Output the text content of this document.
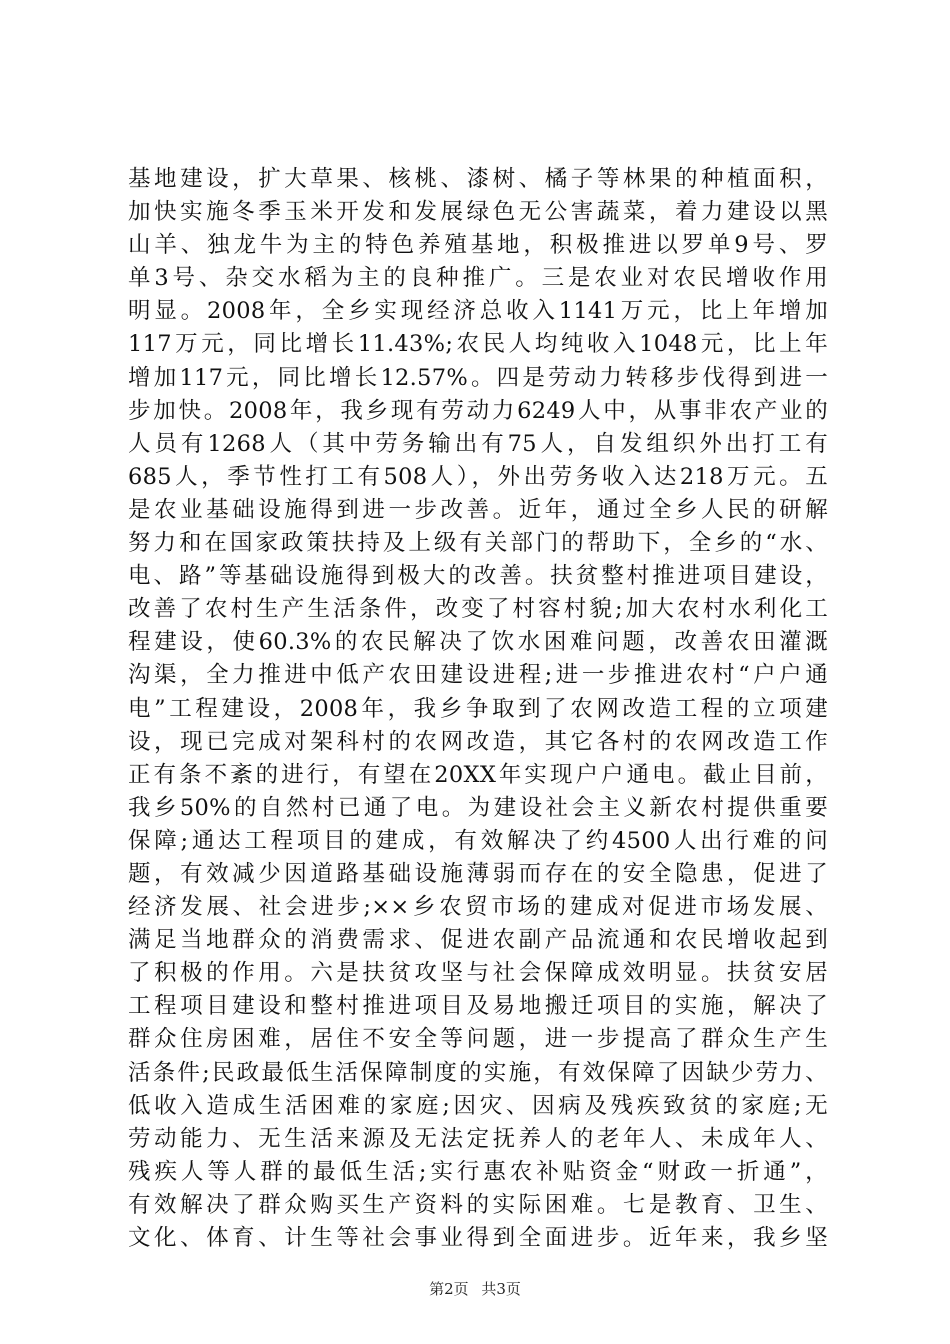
基地建设，扩大草果、核桃、漆树、橘子等林果的种植面积，
加快实施冬季玉米开发和发展绿色无公害蔬菜，着力建设以黑
山羊、独龙牛为主的特色养殖基地，积极推进以罗单9号、罗
单3号、杂交水稻为主的良种推广。三是农业对农民增收作用
明显。2008年，全乡实现经济总收入1141万元，比上年增加
117万元，同比增长11.43%;农民人均纯收入1048元，比上年
增加117元，同比增长12.57%。四是劳动力转移步伐得到进一
步加快。2008年，我乡现有劳动力6249人中，从事非农产业的
人员有1268人（其中劳务输出有75人，自发组织外出打工有
685人，季节性打工有508人），外出劳务收入达218万元。五
是农业基础设施得到进一步改善。近年，通过全乡人民的研解
努力和在国家政策扶持及上级有关部门的帮助下，全乡的“水、
电、路”等基础设施得到极大的改善。扶贫整村推进项目建设，
改善了农村生产生活条件，改变了村容村貌;加大农村水利化工
程建设，使60.3%的农民解决了饮水困难问题，改善农田灌溉
沟渠，全力推进中低产农田建设进程;进一步推进农村“户户通
电”工程建设，2008年，我乡争取到了农网改造工程的立项建
设，现已完成对架科村的农网改造，其它各村的农网改造工作
正有条不紊的进行，有望在20XX年实现户户通电。截止目前，
我乡50%的自然村已通了电。为建设社会主义新农村提供重要
保障;通达工程项目的建成，有效解决了约4500人出行难的问
题，有效减少因道路基础设施薄弱而存在的安全隐患，促进了
经济发展、社会进步;××乡农贸市场的建成对促进市场发展、
满足当地群众的消费需求、促进农副产品流通和农民增收起到
了积极的作用。六是扶贫攻坚与社会保障成效明显。扶贫安居
工程项目建设和整村推进项目及易地搬迁项目的实施，解决了
群众住房困难，居住不安全等问题，进一步提高了群众生产生
活条件;民政最低生活保障制度的实施，有效保障了因缺少劳力、
低收入造成生活困难的家庭;因灾、因病及残疾致贫的家庭;无
劳动能力、无生活来源及无法定抚养人的老年人、未成年人、
残疾人等人群的最低生活;实行惠农补贴资金“财政一折通”，
有效解决了群众购买生产资料的实际困难。七是教育、卫生、
文化、体育、计生等社会事业得到全面进步。近年来，我乡坚
第2页 共3页
